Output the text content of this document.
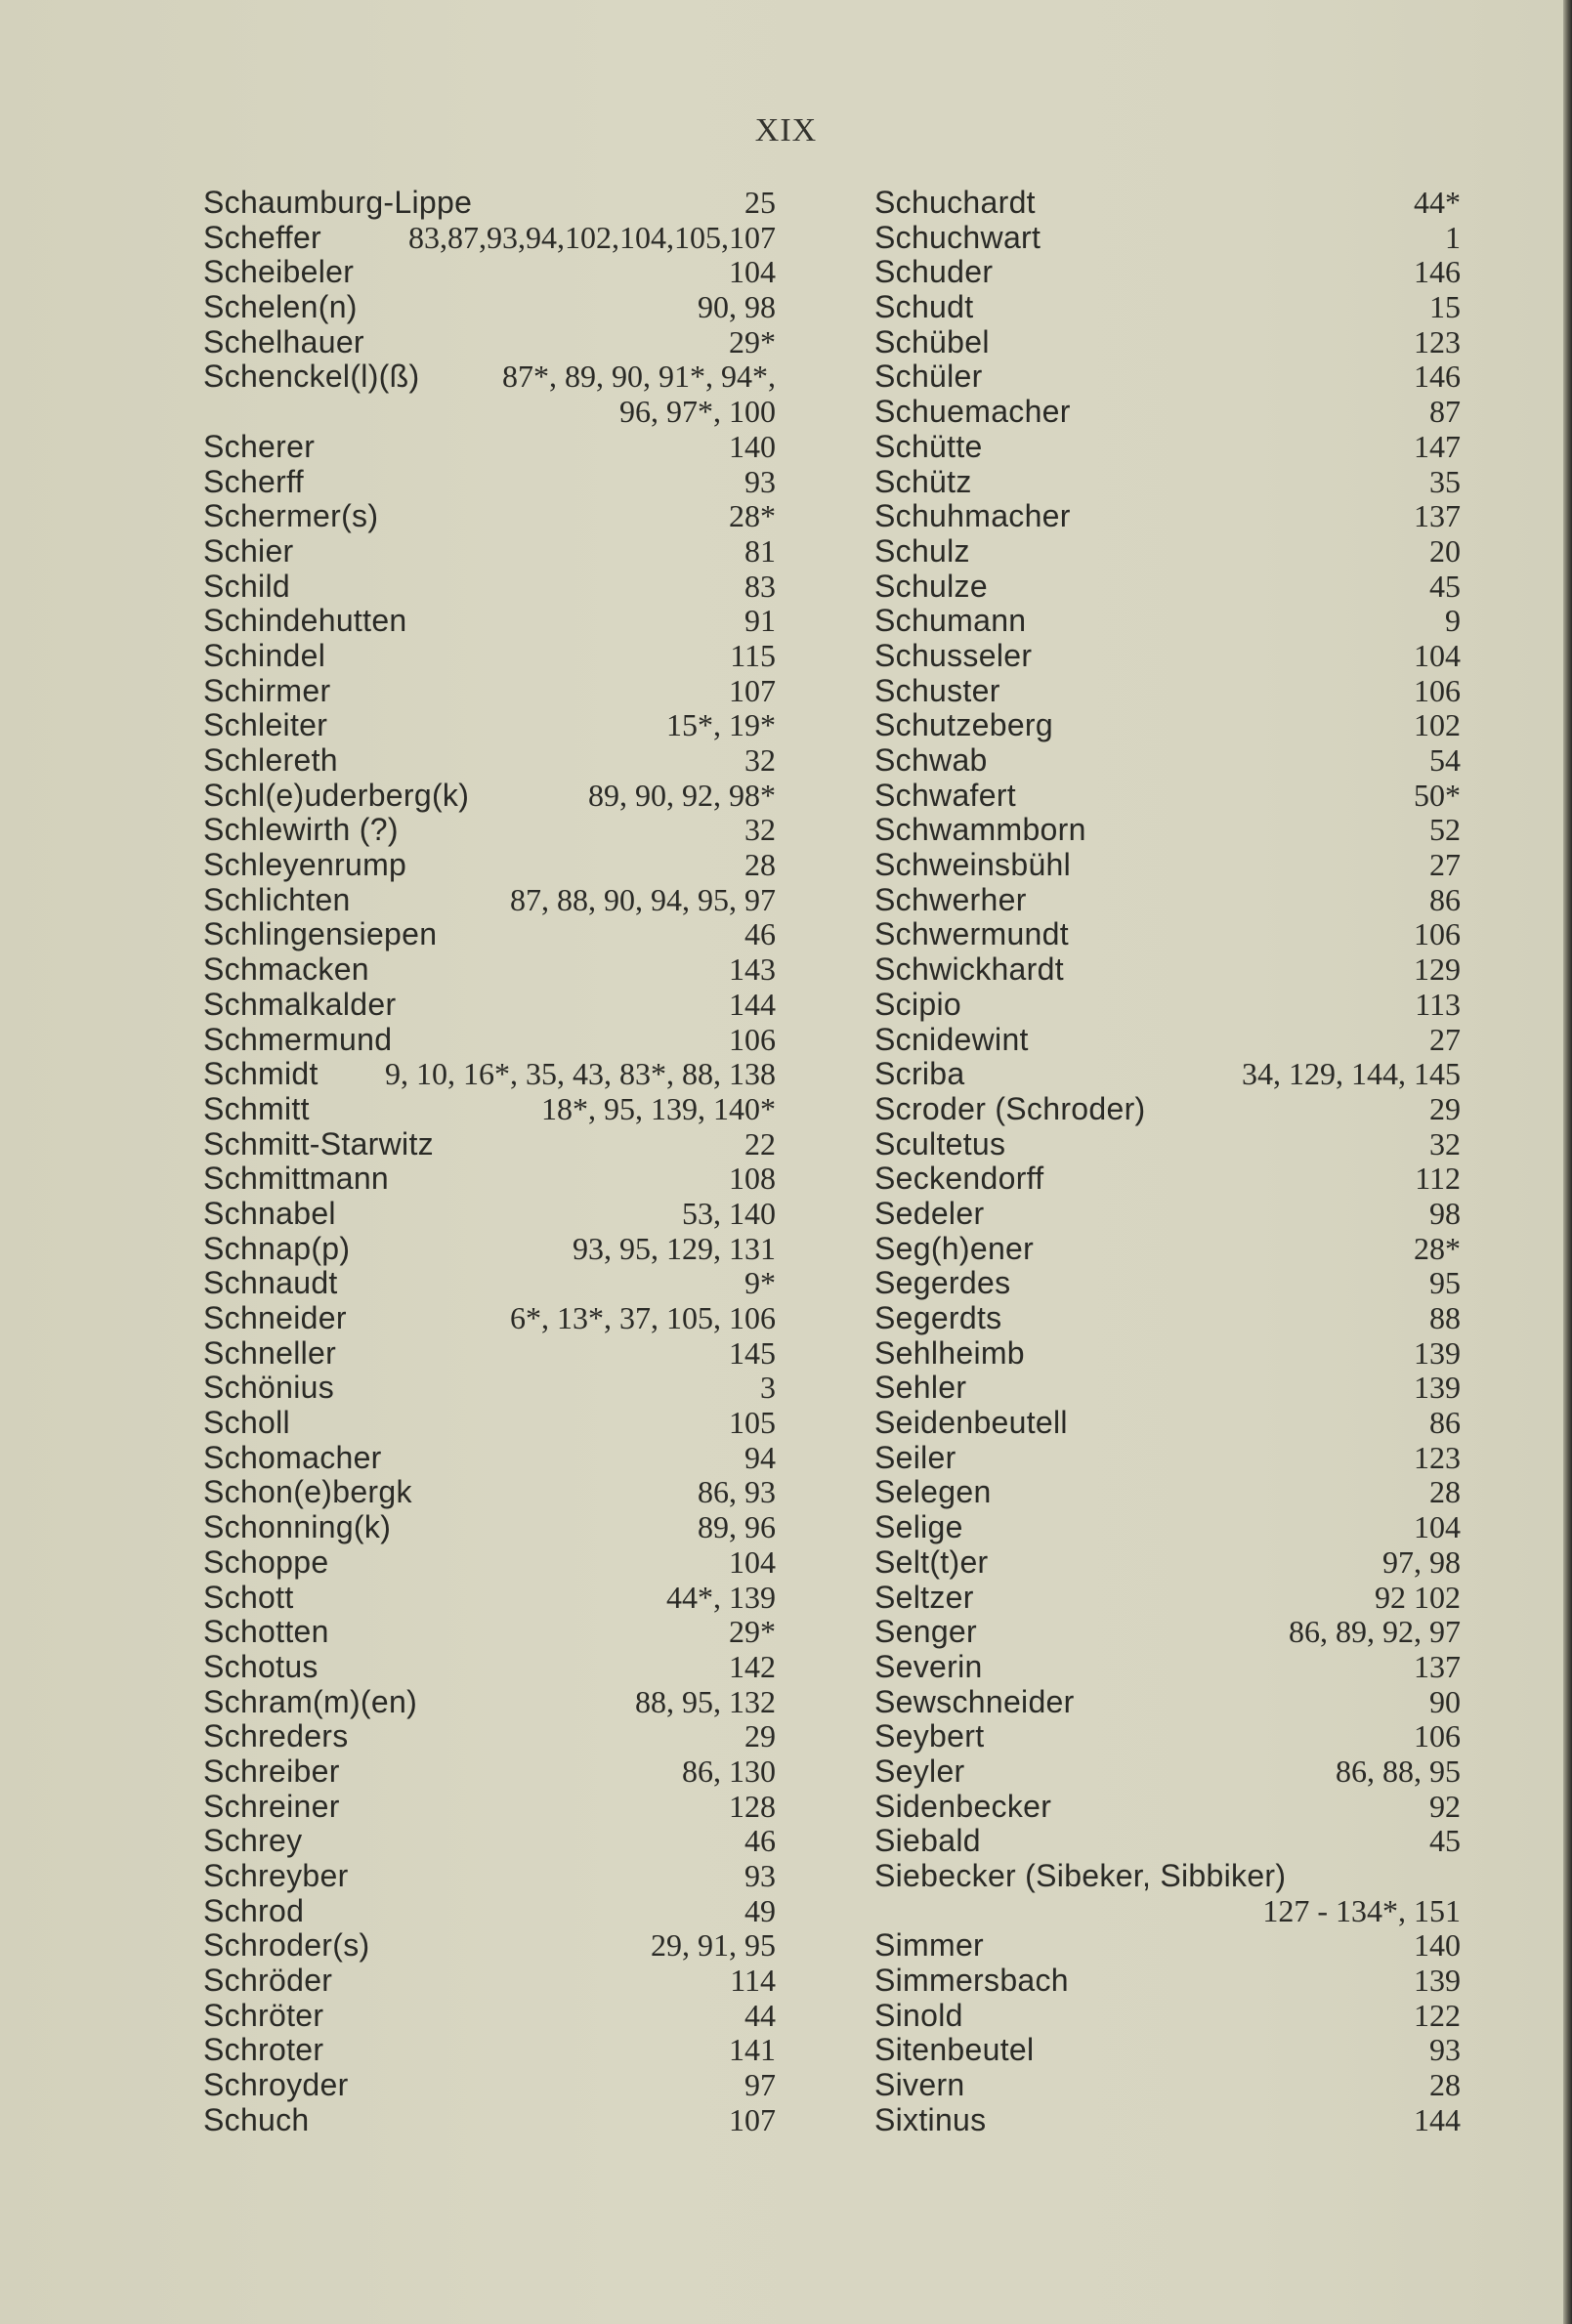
XIX
Schaumburg-Lippe	25
Scheffer	83,87,93,94,102,104,105,107
Scheibeler	104
Schelen(n)	90, 98
Schelhauer	29*
Schenckel(l)(ß)	87*, 89, 90, 91*, 94*,
96, 97*, 100
Scherer	140
Scherff	93
Schermer(s)	28*
Schier	81
Schild	83
Schindehutten	91
Schindel	115
Schirmer	107
Schleiter	15*, 19*
Schlereth	32
Schl(e)uderberg(k)	89, 90, 92, 98*
Schlewirth (?)	32
Schleyenrump	28
Schlichten	87, 88, 90, 94, 95, 97
Schlingensiepen	46
Schmacken	143
Schmalkalder	144
Schmermund	106
Schmidt	9, 10, 16*, 35, 43, 83*, 88, 138
Schmitt	18*, 95, 139, 140*
Schmitt-Starwitz	22
Schmittmann	108
Schnabel	53, 140
Schnap(p)	93, 95, 129, 131
Schnaudt	9*
Schneider	6*, 13*, 37, 105, 106
Schneller	145
Schönius	3
Scholl	105
Schomacher	94
Schon(e)bergk	86, 93
Schonning(k)	89, 96
Schoppe	104
Schott	44*, 139
Schotten	29*
Schotus	142
Schram(m)(en)	88, 95, 132
Schreders	29
Schreiber	86, 130
Schreiner	128
Schrey	46
Schreyber	93
Schrod	49
Schroder(s)	29, 91, 95
Schröder	114
Schröter	44
Schroter	141
Schroyder	97
Schuch	107
Schuchardt	44*
Schuchwart	1
Schuder	146
Schudt	15
Schübel	123
Schüler	146
Schuemacher	87
Schütte	147
Schütz	35
Schuhmacher	137
Schulz	20
Schulze	45
Schumann	9
Schusseler	104
Schuster	106
Schutzeberg	102
Schwab	54
Schwafert	50*
Schwammborn	52
Schweinsbühl	27
Schwerher	86
Schwermundt	106
Schwickhardt	129
Scipio	113
Scnidewint	27
Scriba	34, 129, 144, 145
Scroder (Schroder)	29
Scultetus	32
Seckendorff	112
Sedeler	98
Seg(h)ener	28*
Segerdes	95
Segerdts	88
Sehlheimb	139
Sehler	139
Seidenbeutell	86
Seiler	123
Selegen	28
Selige	104
Selt(t)er	97, 98
Seltzer	92 102
Senger	86, 89, 92, 97
Severin	137
Sewschneider	90
Seybert	106
Seyler	86, 88, 95
Sidenbecker	92
Siebald	45
Siebecker (Sibeker, Sibbiker)
127 - 134*, 151
Simmer	140
Simmersbach	139
Sinold	122
Sitenbeutel	93
Sivern	28
Sixtinus	144
